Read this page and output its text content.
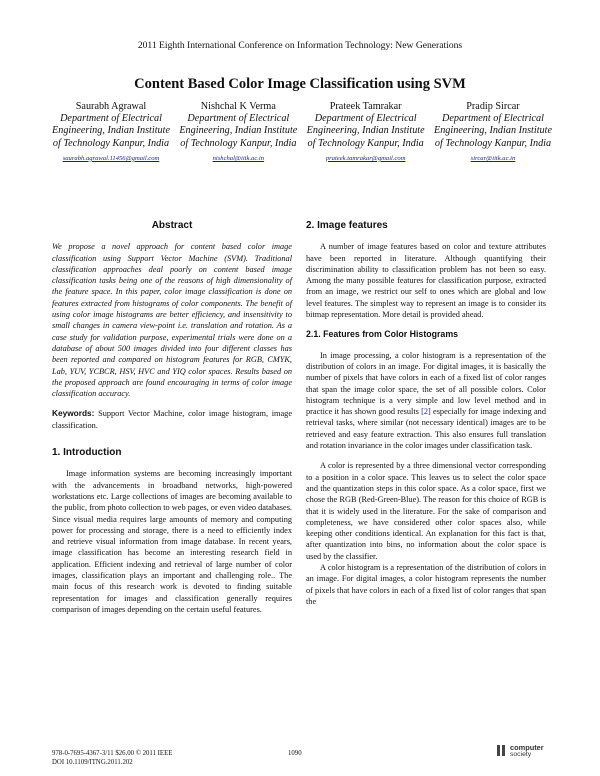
2011 Eighth International Conference on Information Technology: New Generations
Content Based Color Image Classification using SVM
Saurabh Agrawal
Department of Electrical Engineering, Indian Institute of Technology Kanpur, India
saurabh.agrawal.11456@gmail.com
Nishchal K Verma
Department of Electrical Engineering, Indian Institute of Technology Kanpur, India
nishchal@iitk.ac.in
Prateek Tamrakar
Department of Electrical Engineering, Indian Institute of Technology Kanpur, India
prateek.tamrakar@gmail.com
Pradip Sircar
Department of Electrical Engineering, Indian Institute of Technology Kanpur, India
sircar@iitk.ac.in
Abstract

We propose a novel approach for content based color image classification using Support Vector Machine (SVM). Traditional classification approaches deal poorly on content based image classification tasks being one of the reasons of high dimensionality of the feature space. In this paper, color image classification is done on features extracted from histograms of color components. The benefit of using color image histograms are better efficiency, and insensitivity to small changes in camera view-point i.e. translation and rotation. As a case study for validation purpose, experimental trials were done on a database of about 500 images divided into four different classes has been reported and compared on histogram features for RGB, CMYK, Lab, YUV, YCBCR, HSV, HVC and YIQ color spaces. Results based on the proposed approach are found encouraging in terms of color image classification accuracy.

Keywords: Support Vector Machine, color image histogram, image classification.

1. Introduction

Image information systems are becoming increasingly important with the advancements in broadband networks, high-powered workstations etc. Large collections of images are becoming available to the public, from photo collection to web pages, or even video databases. Since visual media requires large amounts of memory and computing power for processing and storage, there is a need to efficiently index and retrieve visual information from image database. In recent years, image classification has become an interesting research field in application. Efficient indexing and retrieval of large number of color images, classification plays an important and challenging role.. The main focus of this research work is devoted to finding suitable representation for images and classification generally requires comparison of images depending on the certain useful features.

2. Image features

A number of image features based on color and texture attributes have been reported in literature. Although quantifying their discrimination ability to classification problem has not been so easy. Among the many possible features for classification purpose, extracted from an image, we restrict our self to ones which are global and low level features. The simplest way to represent an image is to consider its bitmap representation. More detail is provided ahead.

2.1. Features from Color Histograms

In image processing, a color histogram is a representation of the distribution of colors in an image. For digital images, it is basically the number of pixels that have colors in each of a fixed list of color ranges that span the image color space, the set of all possible colors. Color histogram technique is a very simple and low level method and in practice it has shown good results [2] especially for image indexing and retrieval tasks, where similar (not necessary identical) images are to be retrieved and easy feature extraction. This also ensures full translation and rotation invariance in the color images under classification task.

A color is represented by a three dimensional vector corresponding to a position in a color space. This leaves us to select the color space and the quantization steps in this color space. As a color space, first we chose the RGB (Red-Green-Blue). The reason for this choice of RGB is that it is widely used in the literature. For the sake of comparison and completeness, we have considered other color spaces also, while keeping other conditions identical. An explanation for this fact is that, after quantization into bins, no information about the color space is used by the classifier.

A color histogram is a representation of the distribution of colors in an image. For digital images, a color histogram represents the number of pixels that have colors in each of a fixed list of color ranges that span the

978-0-7695-4367-3/11 $26.00 © 2011 IEEE
DOI 10.1109/ITNG.2011.202
1090
computer
society
